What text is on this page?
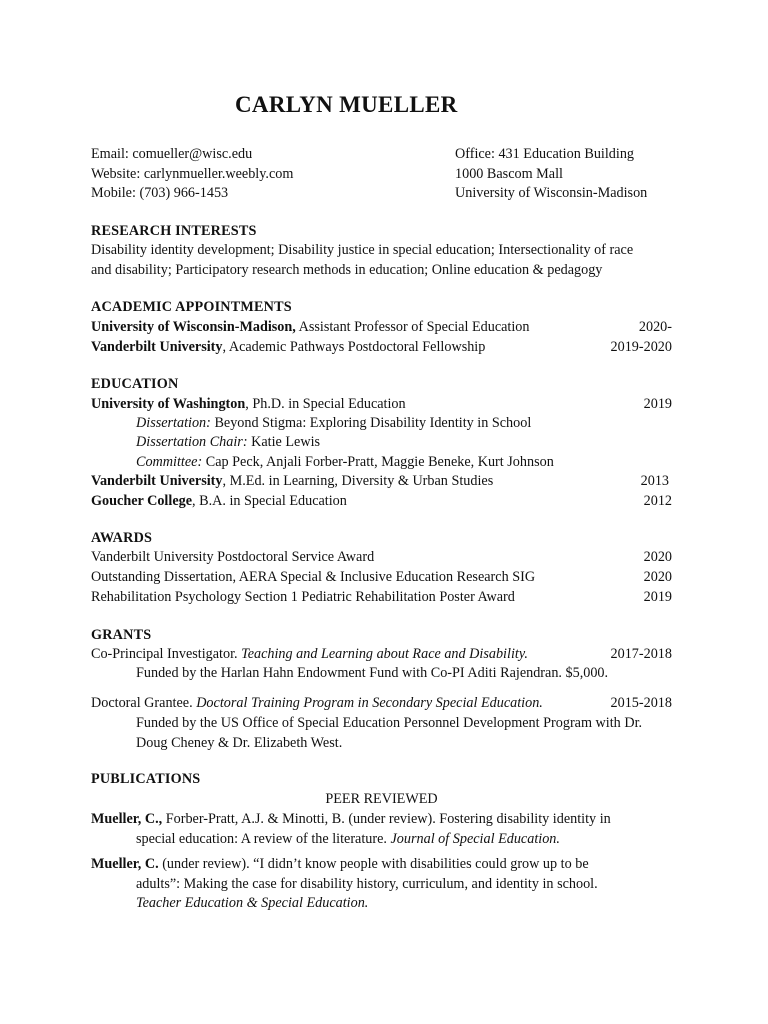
CARLYN MUELLER
Email: comueller@wisc.edu
Website: carlynmueller.weebly.com
Mobile: (703) 966-1453
Office: 431 Education Building
1000 Bascom Mall
University of Wisconsin-Madison
RESEARCH INTERESTS
Disability identity development; Disability justice in special education; Intersectionality of race
and disability; Participatory research methods in education; Online education & pedagogy
ACADEMIC APPOINTMENTS
University of Wisconsin-Madison, Assistant Professor of Special Education	2020-
Vanderbilt University, Academic Pathways Postdoctoral Fellowship	2019-2020
EDUCATION
University of Washington, Ph.D. in Special Education	2019
Dissertation: Beyond Stigma: Exploring Disability Identity in School
Dissertation Chair: Katie Lewis
Committee: Cap Peck, Anjali Forber-Pratt, Maggie Beneke, Kurt Johnson
Vanderbilt University, M.Ed. in Learning, Diversity & Urban Studies	2013
Goucher College, B.A. in Special Education	2012
AWARDS
Vanderbilt University Postdoctoral Service Award	2020
Outstanding Dissertation, AERA Special & Inclusive Education Research SIG	2020
Rehabilitation Psychology Section 1 Pediatric Rehabilitation Poster Award	2019
GRANTS
Co-Principal Investigator. Teaching and Learning about Race and Disability.	2017-2018
Funded by the Harlan Hahn Endowment Fund with Co-PI Aditi Rajendran. $5,000.
Doctoral Grantee. Doctoral Training Program in Secondary Special Education.	2015-2018
Funded by the US Office of Special Education Personnel Development Program with Dr.
Doug Cheney & Dr. Elizabeth West.
PUBLICATIONS
PEER REVIEWED
Mueller, C., Forber-Pratt, A.J. & Minotti, B. (under review). Fostering disability identity in
special education: A review of the literature. Journal of Special Education.
Mueller, C. (under review). “I didn’t know people with disabilities could grow up to be
adults”: Making the case for disability history, curriculum, and identity in school.
Teacher Education & Special Education.
